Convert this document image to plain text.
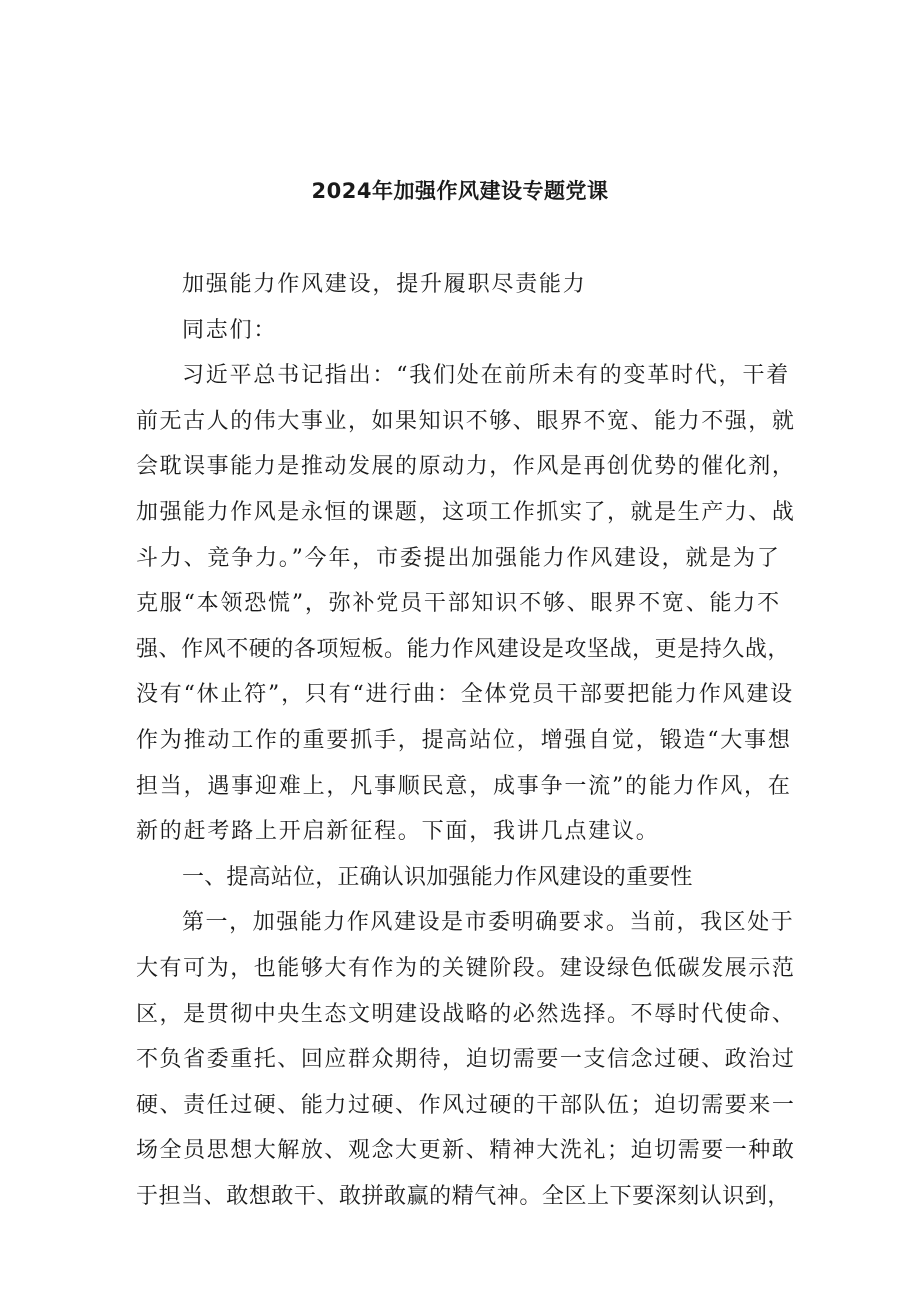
2024年加强作风建设专题党课

加强能力作风建设，提升履职尽责能力

同志们：

习近平总书记指出：“我们处在前所未有的变革时代，干着

前无古人的伟大事业，如果知识不够、眼界不宽、能力不强，就

会耽误事能力是推动发展的原动力，作风是再创优势的催化剂，

加强能力作风是永恒的课题，这项工作抓实了，就是生产力、战

斗力、竞争力。”今年，市委提出加强能力作风建设，就是为了

克服“本领恐慌”，弥补党员干部知识不够、眼界不宽、能力不

强、作风不硬的各项短板。能力作风建设是攻坚战，更是持久战，

没有“休止符”，只有“进行曲：全体党员干部要把能力作风建设

作为推动工作的重要抓手，提高站位，增强自觉，锻造“大事想

担当，遇事迎难上，凡事顺民意，成事争一流”的能力作风，在

新的赶考路上开启新征程。下面，我讲几点建议。

一、提高站位，正确认识加强能力作风建设的重要性

第一，加强能力作风建设是市委明确要求。当前，我区处于

大有可为，也能够大有作为的关键阶段。建设绿色低碳发展示范

区，是贯彻中央生态文明建设战略的必然选择。不辱时代使命、

不负省委重托、回应群众期待，迫切需要一支信念过硬、政治过

硬、责任过硬、能力过硬、作风过硬的干部队伍；迫切需要来一

场全员思想大解放、观念大更新、精神大洗礼；迫切需要一种敢

于担当、敢想敢干、敢拼敢赢的精气神。全区上下要深刻认识到，
